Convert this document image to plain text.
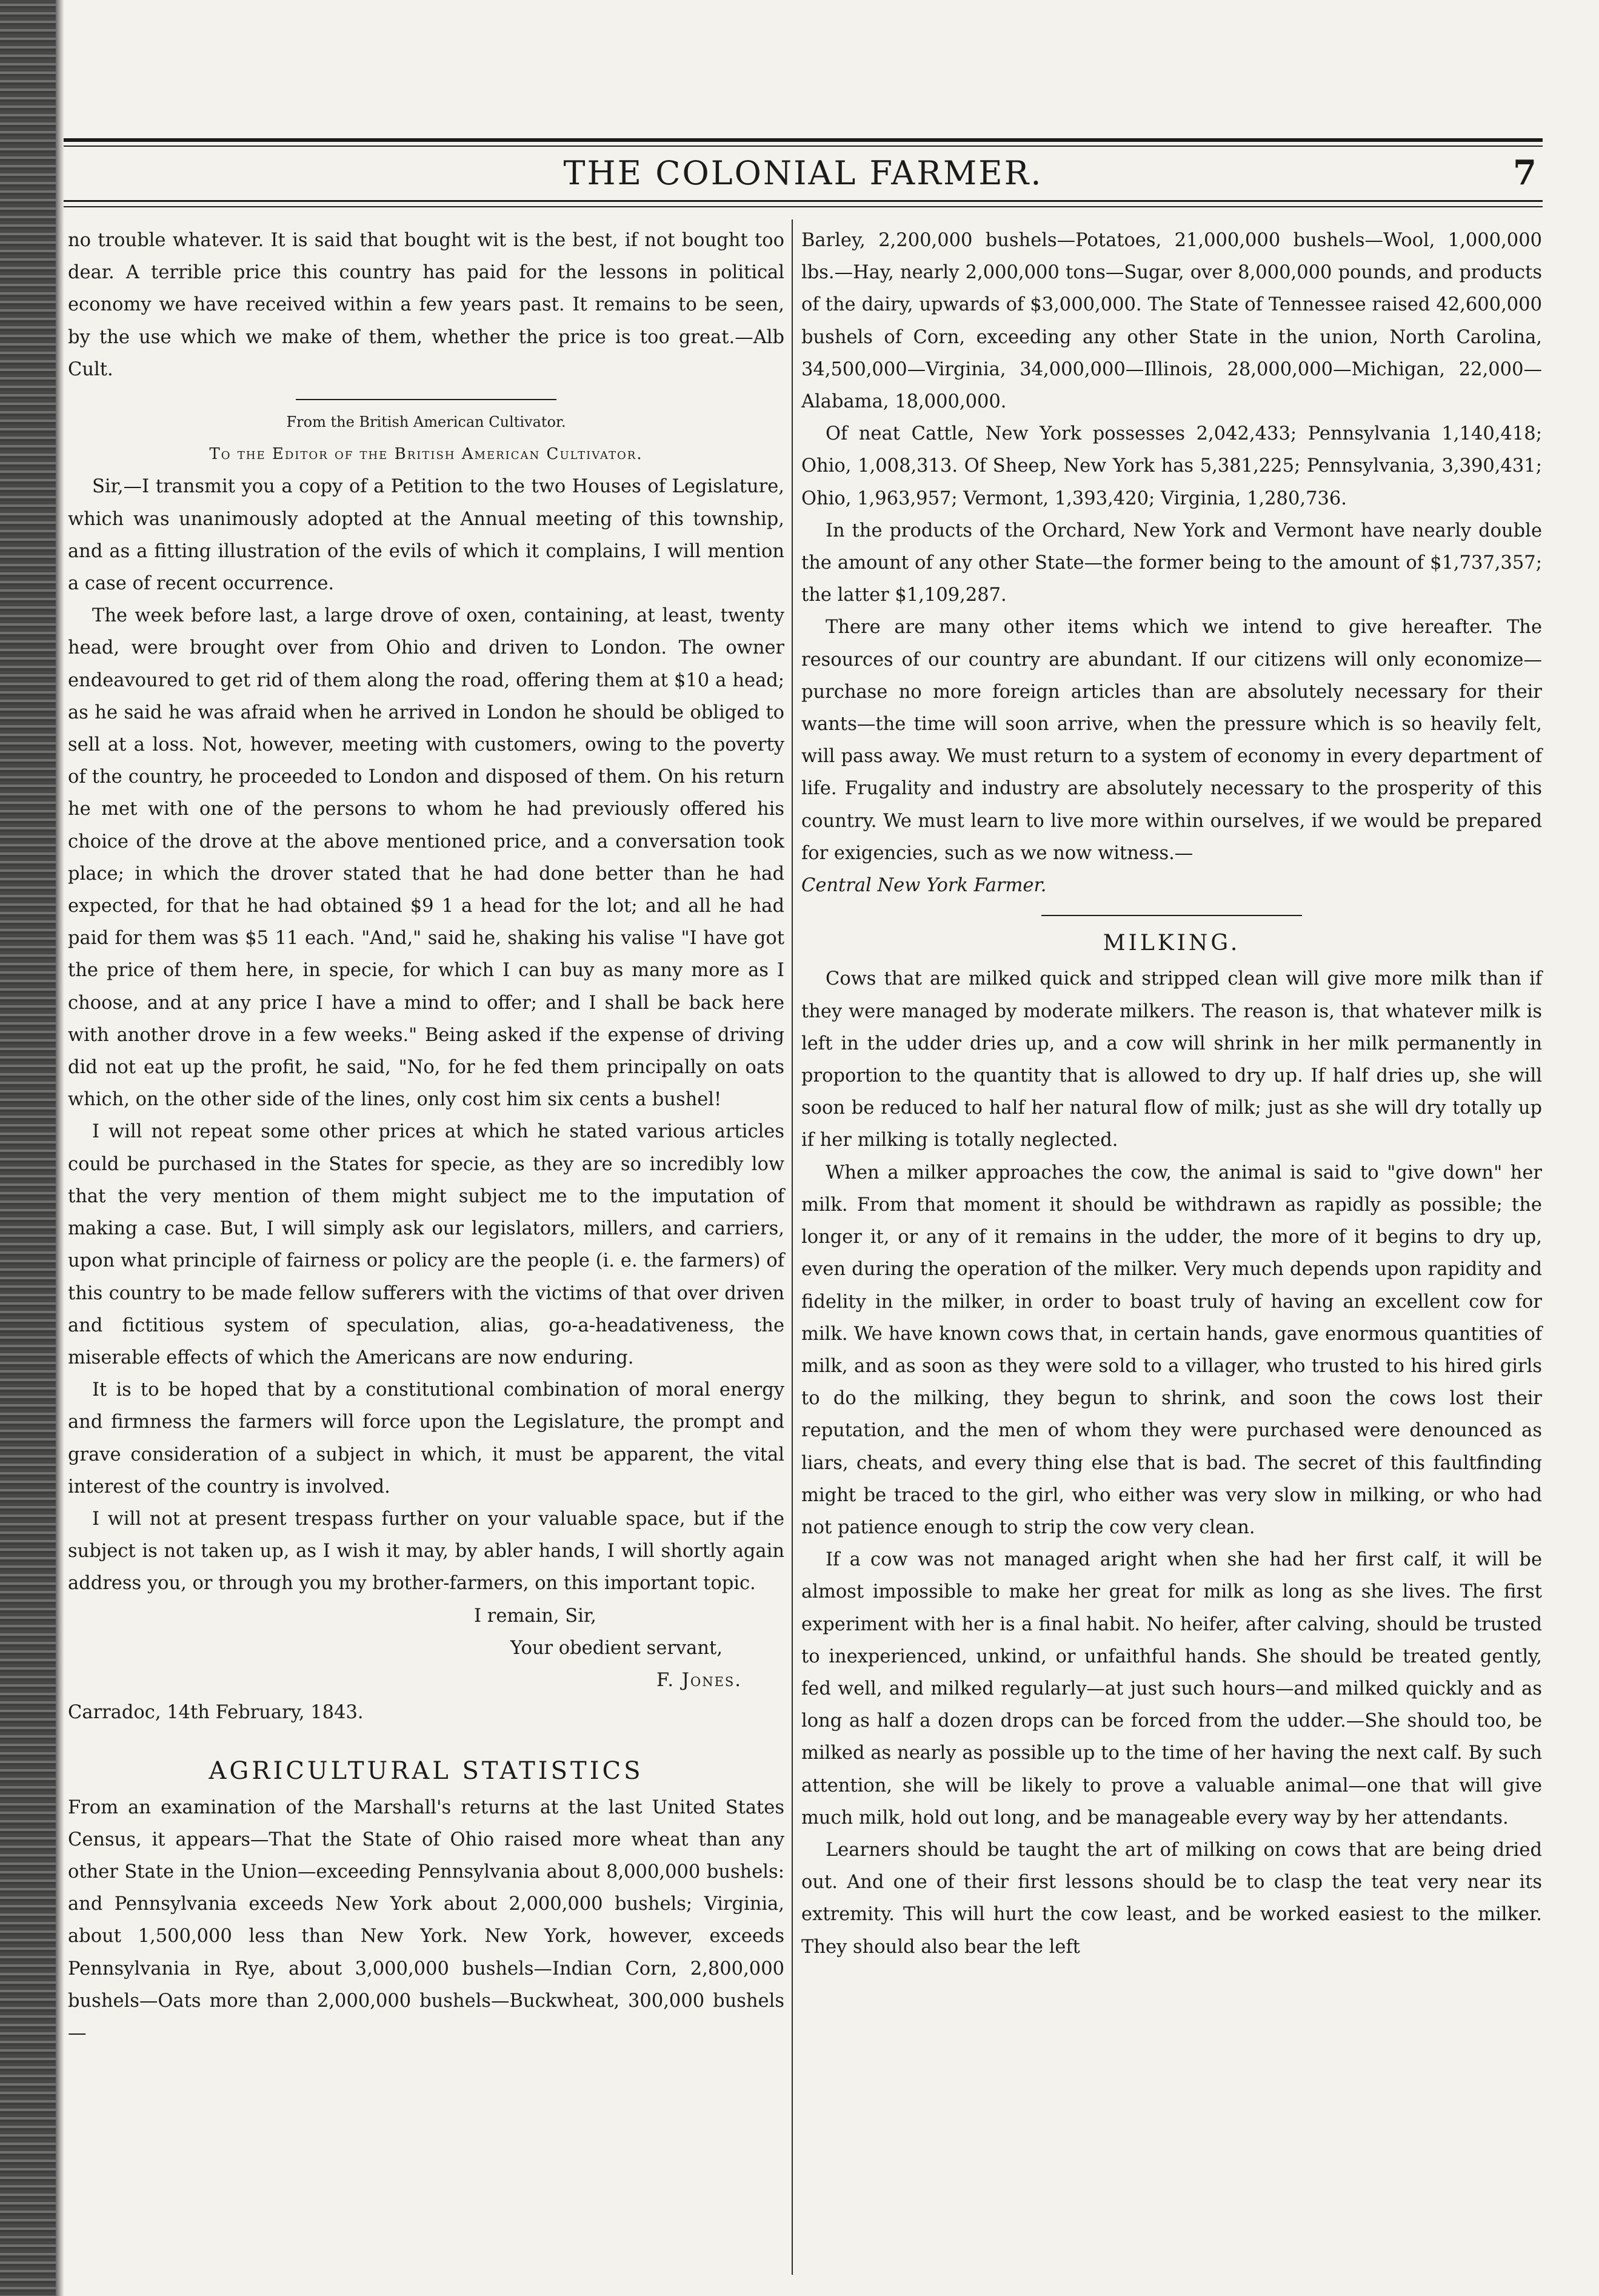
THE COLONIAL FARMER.	7

no trouble whatever. It is said that bought wit is the best, if not bought too dear. A terrible price this country has paid for the lessons in political economy we have received within a few years past. It remains to be seen, by the use which we make of them, whether the price is too great.—Alb Cult.

From the British American Cultivator.

To the Editor of the British American Cultivator.

Sir,—I transmit you a copy of a Petition to the two Houses of Legislature, which was unanimously adopted at the Annual meeting of this township, and as a fitting illustration of the evils of which it complains, I will mention a case of recent occurrence.

The week before last, a large drove of oxen, containing, at least, twenty head, were brought over from Ohio and driven to London. The owner endeavoured to get rid of them along the road, offering them at $10 a head; as he said he was afraid when he arrived in London he should be obliged to sell at a loss. Not, however, meeting with customers, owing to the poverty of the country, he proceeded to London and disposed of them. On his return he met with one of the persons to whom he had previously offered his choice of the drove at the above mentioned price, and a conversation took place; in which the drover stated that he had done better than he had expected, for that he had obtained $9 1 a head for the lot; and all he had paid for them was $5 11 each. "And," said he, shaking his valise "I have got the price of them here, in specie, for which I can buy as many more as I choose, and at any price I have a mind to offer; and I shall be back here with another drove in a few weeks." Being asked if the expense of driving did not eat up the profit, he said, "No, for he fed them principally on oats which, on the other side of the lines, only cost him six cents a bushel!

I will not repeat some other prices at which he stated various articles could be purchased in the States for specie, as they are so incredibly low that the very mention of them might subject me to the imputation of making a case. But, I will simply ask our legislators, millers, and carriers, upon what principle of fairness or policy are the people (i. e. the farmers) of this country to be made fellow sufferers with the victims of that over driven and fictitious system of speculation, alias, go-a-headativeness, the miserable effects of which the Americans are now enduring.

It is to be hoped that by a constitutional combination of moral energy and firmness the farmers will force upon the Legislature, the prompt and grave consideration of a subject in which, it must be apparent, the vital interest of the country is involved.

I will not at present trespass further on your valuable space, but if the subject is not taken up, as I wish it may, by abler hands, I will shortly again address you, or through you my brother-farmers, on this important topic.

I remain, Sir,

Your obedient servant,

F. Jones.

Carradoc, 14th February, 1843.

AGRICULTURAL STATISTICS

From an examination of the Marshall's returns at the last United States Census, it appears—That the State of Ohio raised more wheat than any other State in the Union—exceeding Pennsylvania about 8,000,000 bushels: and Pennsylvania exceeds New York about 2,000,000 bushels; Virginia, about 1,500,000 less than New York. New York, however, exceeds Pennsylvania in Rye, about 3,000,000 bushels—Indian Corn, 2,800,000 bushels—Oats more than 2,000,000 bushels—Buckwheat, 300,000 bushels—

Barley, 2,200,000 bushels—Potatoes, 21,000,000 bushels—Wool, 1,000,000 lbs.—Hay, nearly 2,000,000 tons—Sugar, over 8,000,000 pounds, and products of the dairy, upwards of $3,000,000. The State of Tennessee raised 42,600,000 bushels of Corn, exceeding any other State in the union, North Carolina, 34,500,000—Virginia, 34,000,000—Illinois, 28,000,000—Michigan, 22,000—Alabama, 18,000,000.

Of neat Cattle, New York possesses 2,042,433; Pennsylvania 1,140,418; Ohio, 1,008,313. Of Sheep, New York has 5,381,225; Pennsylvania, 3,390,431; Ohio, 1,963,957; Vermont, 1,393,420; Virginia, 1,280,736.

In the products of the Orchard, New York and Vermont have nearly double the amount of any other State—the former being to the amount of $1,737,357; the latter $1,109,287.

There are many other items which we intend to give hereafter. The resources of our country are abundant. If our citizens will only economize—purchase no more foreign articles than are absolutely necessary for their wants—the time will soon arrive, when the pressure which is so heavily felt, will pass away. We must return to a system of economy in every department of life. Frugality and industry are absolutely necessary to the prosperity of this country. We must learn to live more within ourselves, if we would be prepared for exigencies, such as we now witness.—

Central New York Farmer.

MILKING.

Cows that are milked quick and stripped clean will give more milk than if they were managed by moderate milkers. The reason is, that whatever milk is left in the udder dries up, and a cow will shrink in her milk permanently in proportion to the quantity that is allowed to dry up. If half dries up, she will soon be reduced to half her natural flow of milk; just as she will dry totally up if her milking is totally neglected.

When a milker approaches the cow, the animal is said to "give down" her milk. From that moment it should be withdrawn as rapidly as possible; the longer it, or any of it remains in the udder, the more of it begins to dry up, even during the operation of the milker. Very much depends upon rapidity and fidelity in the milker, in order to boast truly of having an excellent cow for milk. We have known cows that, in certain hands, gave enormous quantities of milk, and as soon as they were sold to a villager, who trusted to his hired girls to do the milking, they begun to shrink, and soon the cows lost their reputation, and the men of whom they were purchased were denounced as liars, cheats, and every thing else that is bad. The secret of this faultfinding might be traced to the girl, who either was very slow in milking, or who had not patience enough to strip the cow very clean.

If a cow was not managed aright when she had her first calf, it will be almost impossible to make her great for milk as long as she lives. The first experiment with her is a final habit. No heifer, after calving, should be trusted to inexperienced, unkind, or unfaithful hands. She should be treated gently, fed well, and milked regularly—at just such hours—and milked quickly and as long as half a dozen drops can be forced from the udder.—She should too, be milked as nearly as possible up to the time of her having the next calf. By such attention, she will be likely to prove a valuable animal—one that will give much milk, hold out long, and be manageable every way by her attendants.

Learners should be taught the art of milking on cows that are being dried out. And one of their first lessons should be to clasp the teat very near its extremity. This will hurt the cow least, and be worked easiest to the milker. They should also bear the left
